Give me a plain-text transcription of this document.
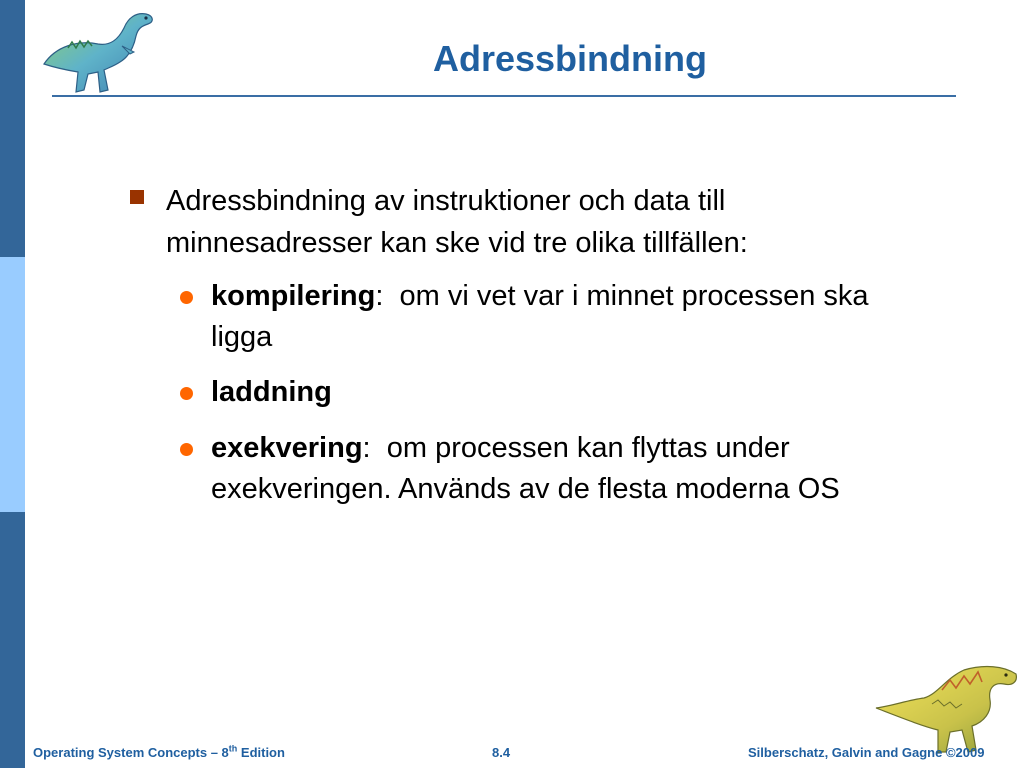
Adressbindning
Adressbindning av instruktioner och data till minnesadresser kan ske vid tre olika tillfällen:
kompilering: om vi vet var i minnet processen ska ligga
laddning
exekvering: om processen kan flyttas under exekveringen. Används av de flesta moderna OS
Operating System Concepts – 8th Edition	8.4	Silberschatz, Galvin and Gagne ©2009
